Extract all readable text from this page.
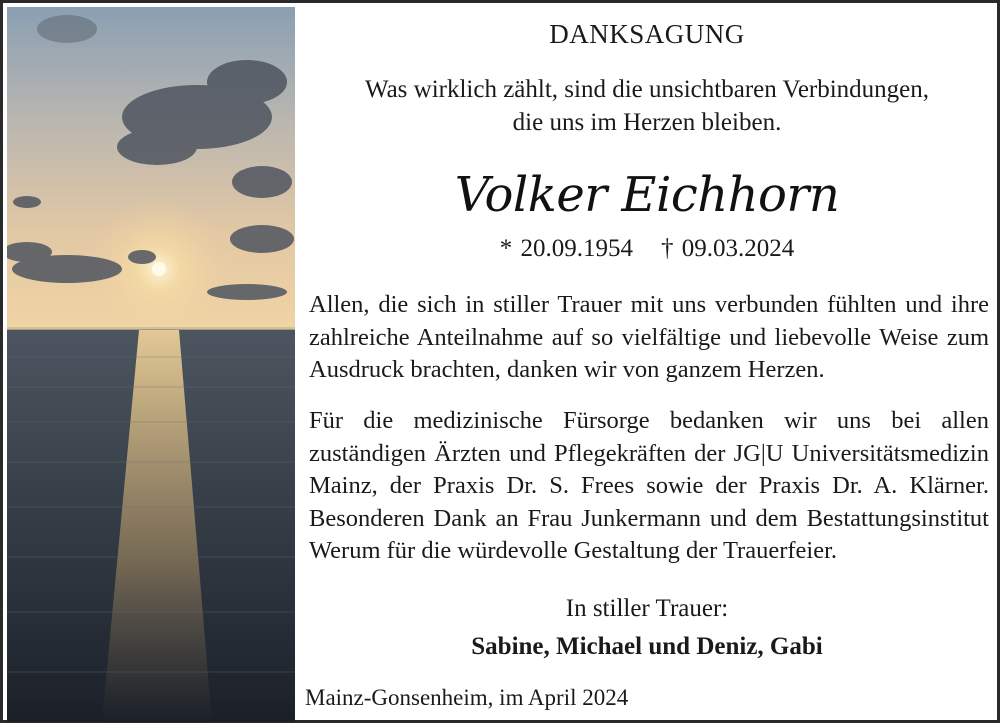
DANKSAGUNG
Was wirklich zählt, sind die unsichtbaren Verbindungen,
die uns im Herzen bleiben.
Volker Eichhorn
* 20.09.1954 † 09.03.2024
Allen, die sich in stiller Trauer mit uns verbunden fühlten und ihre zahlreiche Anteilnahme auf so vielfältige und liebevolle Weise zum Ausdruck brachten, danken wir von ganzem Herzen.
Für die medizinische Fürsorge bedanken wir uns bei allen zuständigen Ärzten und Pflegekräften der JG|U Universitätsmedizin Mainz, der Praxis Dr. S. Frees sowie der Praxis Dr. A. Klärner. Besonderen Dank an Frau Junkermann und dem Bestattungsinstitut Werum für die würdevolle Gestaltung der Trauerfeier.
In stiller Trauer:
Sabine, Michael und Deniz, Gabi
Mainz-Gonsenheim, im April 2024
